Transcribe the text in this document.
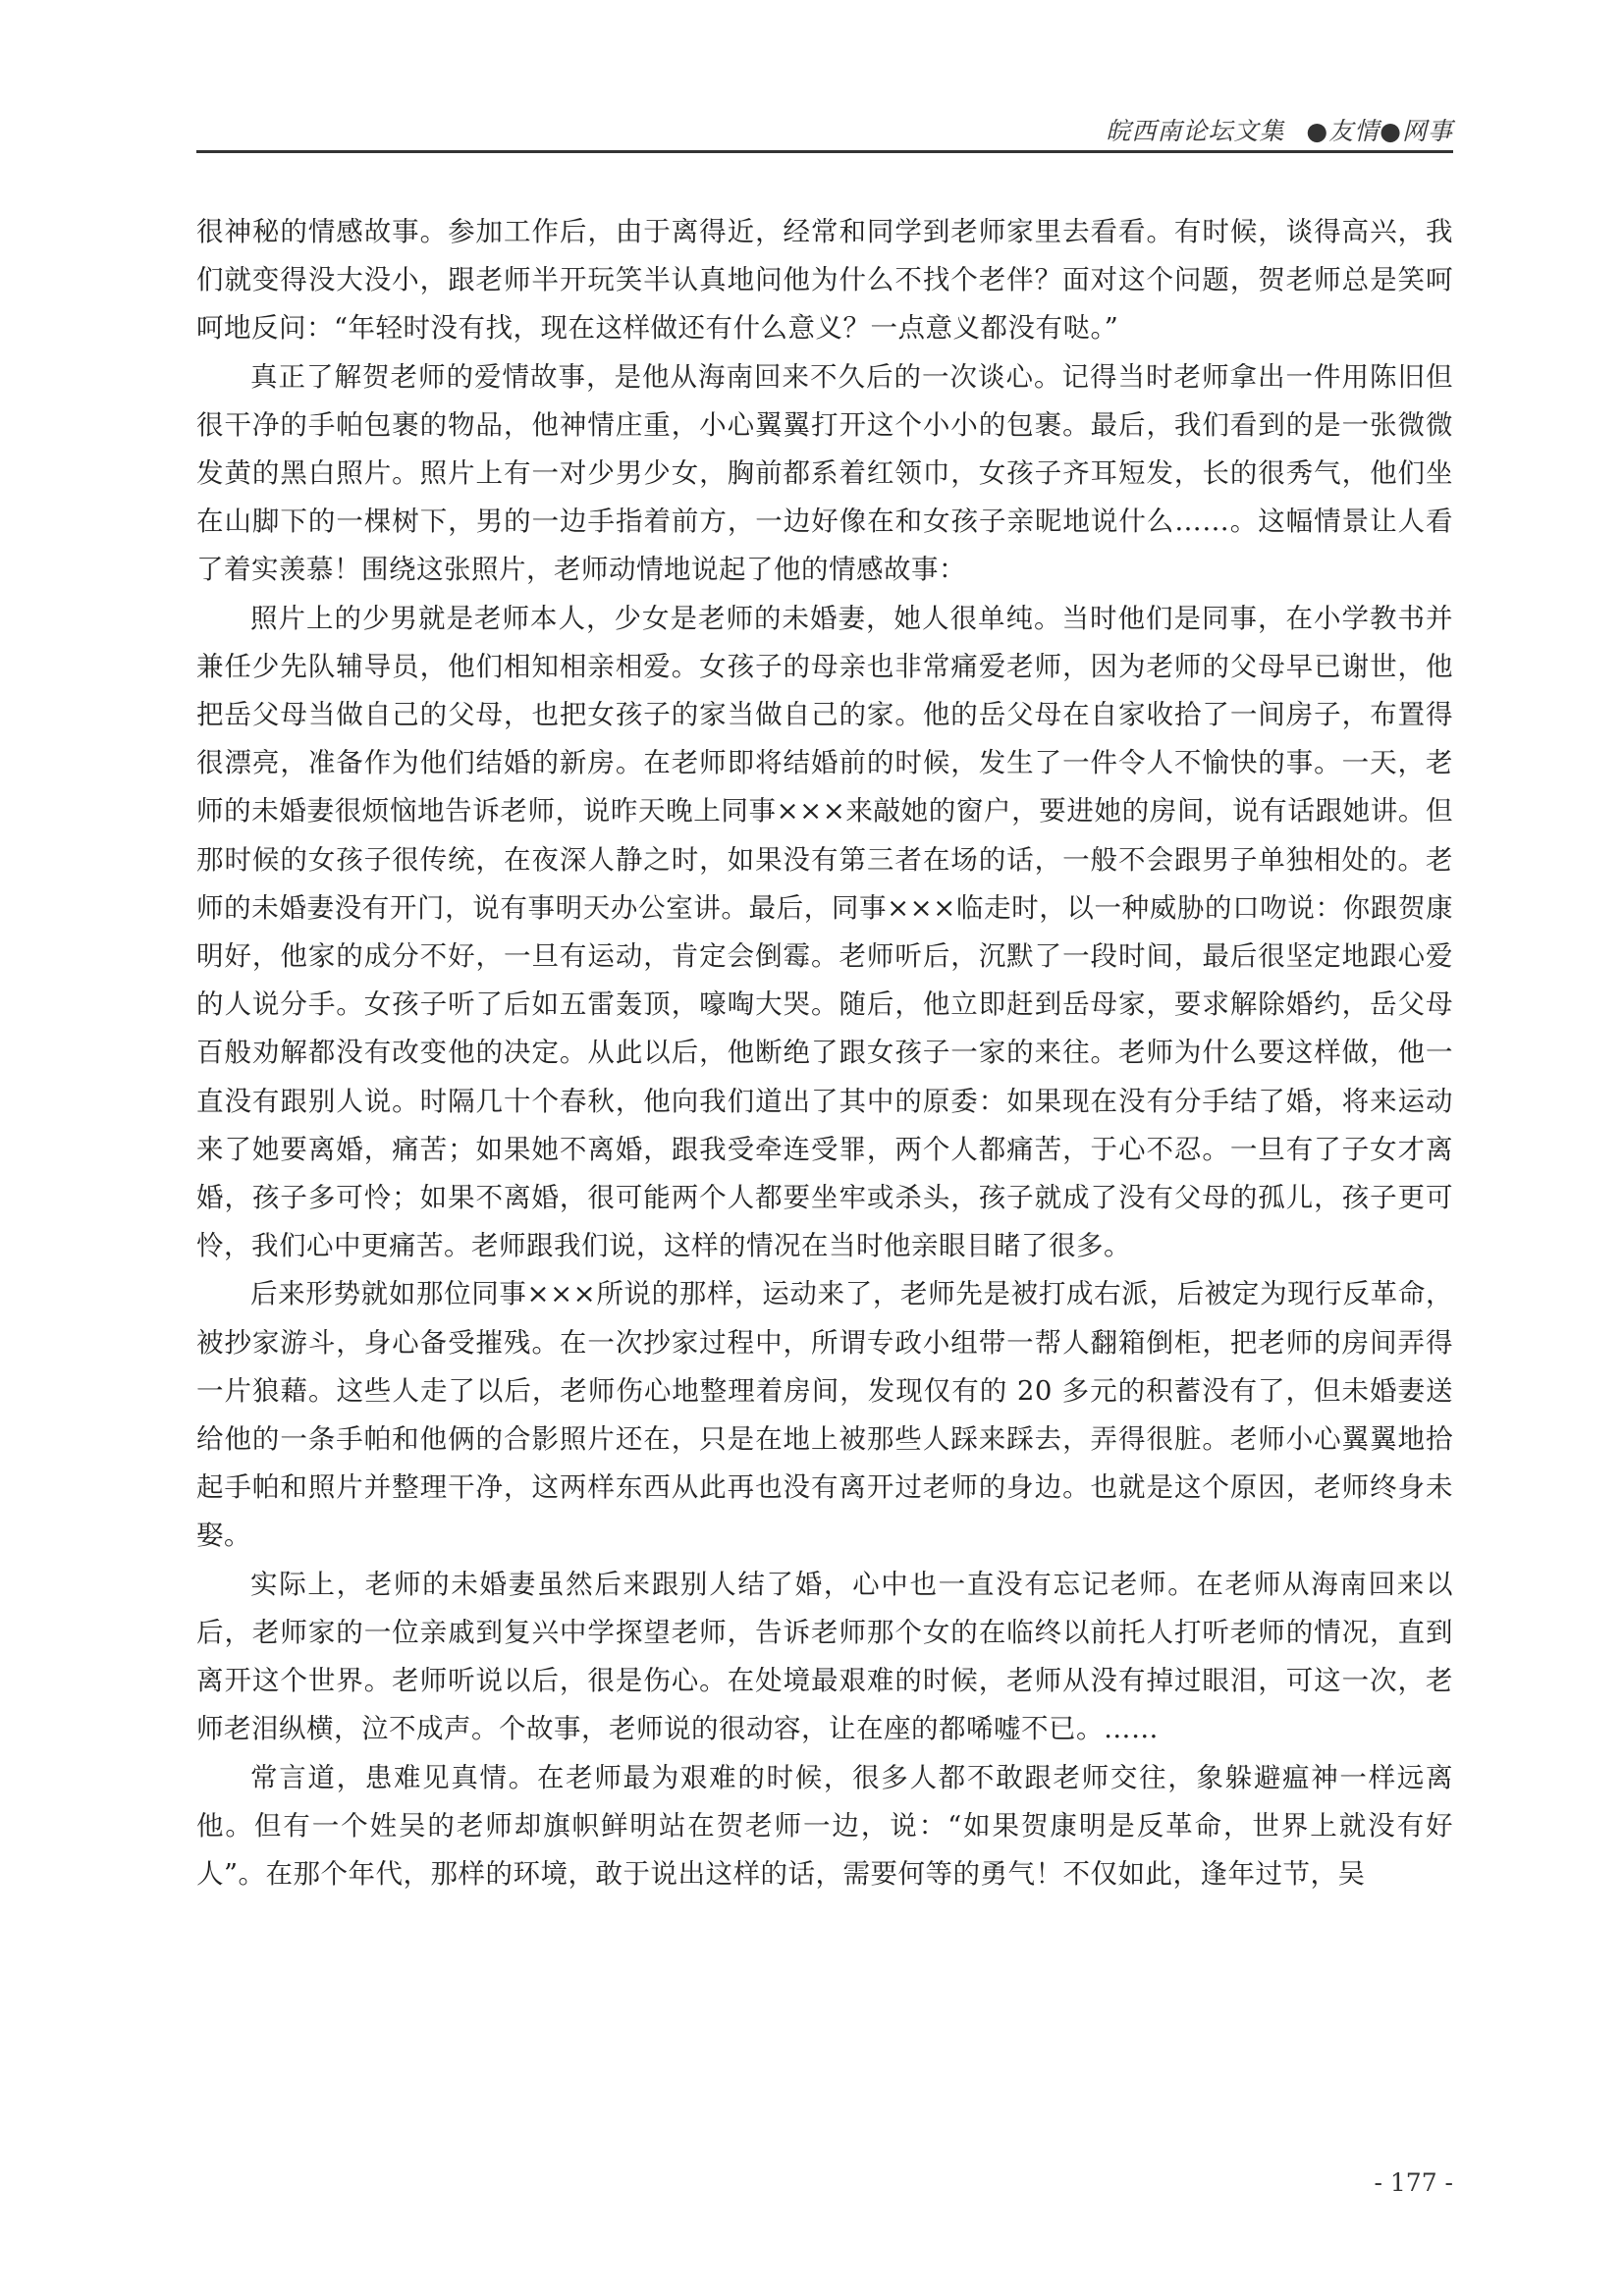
皖西南论坛文集 ●友情●网事

很神秘的情感故事。参加工作后，由于离得近，经常和同学到老师家里去看看。有时候，谈得高兴，我们就变得没大没小，跟老师半开玩笑半认真地问他为什么不找个老伴？面对这个问题，贺老师总是笑呵呵地反问：“年轻时没有找，现在这样做还有什么意义？一点意义都没有哒。”

真正了解贺老师的爱情故事，是他从海南回来不久后的一次谈心。记得当时老师拿出一件用陈旧但很干净的手帕包裹的物品，他神情庄重，小心翼翼打开这个小小的包裹。最后，我们看到的是一张微微发黄的黑白照片。照片上有一对少男少女，胸前都系着红领巾，女孩子齐耳短发，长的很秀气，他们坐在山脚下的一棵树下，男的一边手指着前方，一边好像在和女孩子亲昵地说什么……。这幅情景让人看了着实羡慕！围绕这张照片，老师动情地说起了他的情感故事：

照片上的少男就是老师本人，少女是老师的未婚妻，她人很单纯。当时他们是同事，在小学教书并兼任少先队辅导员，他们相知相亲相爱。女孩子的母亲也非常痛爱老师，因为老师的父母早已谢世，他把岳父母当做自己的父母，也把女孩子的家当做自己的家。他的岳父母在自家收拾了一间房子，布置得很漂亮，准备作为他们结婚的新房。在老师即将结婚前的时候，发生了一件令人不愉快的事。一天，老师的未婚妻很烦恼地告诉老师，说昨天晚上同事×××来敲她的窗户，要进她的房间，说有话跟她讲。但那时候的女孩子很传统，在夜深人静之时，如果没有第三者在场的话，一般不会跟男子单独相处的。老师的未婚妻没有开门，说有事明天办公室讲。最后，同事×××临走时，以一种威胁的口吻说：你跟贺康明好，他家的成分不好，一旦有运动，肯定会倒霉。老师听后，沉默了一段时间，最后很坚定地跟心爱的人说分手。女孩子听了后如五雷轰顶，嚎啕大哭。随后，他立即赶到岳母家，要求解除婚约，岳父母百般劝解都没有改变他的决定。从此以后，他断绝了跟女孩子一家的来往。老师为什么要这样做，他一直没有跟别人说。时隔几十个春秋，他向我们道出了其中的原委：如果现在没有分手结了婚，将来运动来了她要离婚，痛苦；如果她不离婚，跟我受牵连受罪，两个人都痛苦，于心不忍。一旦有了子女才离婚，孩子多可怜；如果不离婚，很可能两个人都要坐牢或杀头，孩子就成了没有父母的孤儿，孩子更可怜，我们心中更痛苦。老师跟我们说，这样的情况在当时他亲眼目睹了很多。

后来形势就如那位同事×××所说的那样，运动来了，老师先是被打成右派，后被定为现行反革命，被抄家游斗，身心备受摧残。在一次抄家过程中，所谓专政小组带一帮人翻箱倒柜，把老师的房间弄得一片狼藉。这些人走了以后，老师伤心地整理着房间，发现仅有的 20 多元的积蓄没有了，但未婚妻送给他的一条手帕和他俩的合影照片还在，只是在地上被那些人踩来踩去，弄得很脏。老师小心翼翼地拾起手帕和照片并整理干净，这两样东西从此再也没有离开过老师的身边。也就是这个原因，老师终身未娶。

实际上，老师的未婚妻虽然后来跟别人结了婚，心中也一直没有忘记老师。在老师从海南回来以后，老师家的一位亲戚到复兴中学探望老师，告诉老师那个女的在临终以前托人打听老师的情况，直到离开这个世界。老师听说以后，很是伤心。在处境最艰难的时候，老师从没有掉过眼泪，可这一次，老师老泪纵横，泣不成声。个故事，老师说的很动容，让在座的都唏嘘不已。……

常言道，患难见真情。在老师最为艰难的时候，很多人都不敢跟老师交往，象躲避瘟神一样远离他。但有一个姓吴的老师却旗帜鲜明站在贺老师一边，说：“如果贺康明是反革命，世界上就没有好人”。在那个年代，那样的环境，敢于说出这样的话，需要何等的勇气！不仅如此，逢年过节，吴

- 177 -
